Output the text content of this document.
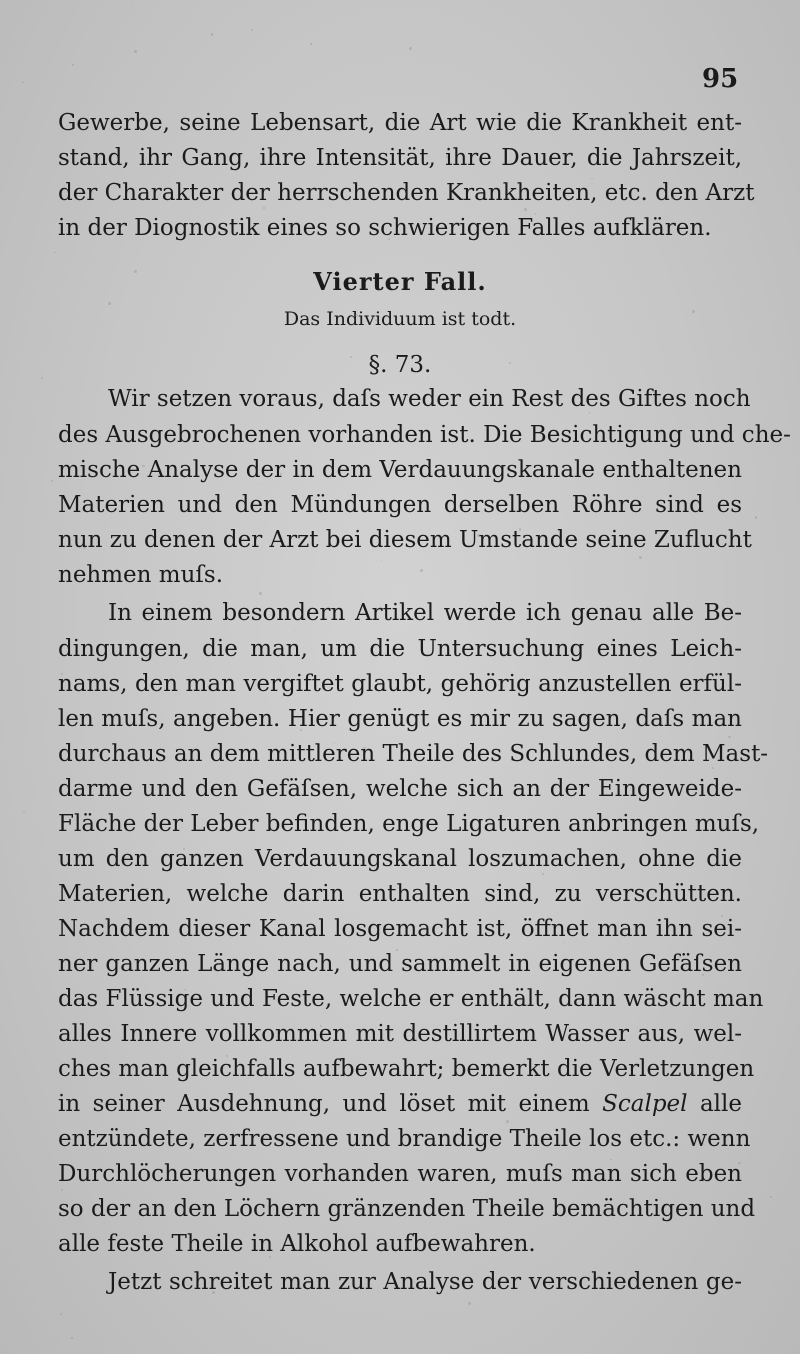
95
Gewerbe, seine Lebensart, die Art wie die Krankheit ent-
stand, ihr Gang, ihre Intensität, ihre Dauer, die Jahrszeit,
der Charakter der herrschenden Krankheiten, etc. den Arzt
in der Diognostik eines so schwierigen Falles aufklären.
Vierter Fall.
Das Individuum ist todt.
§. 73.
Wir setzen voraus, daſs weder ein Rest des Giftes noch
des Ausgebrochenen vorhanden ist. Die Besichtigung und che-
mische Analyse der in dem Verdauungskanale enthaltenen
Materien und den Mündungen derselben Röhre sind es
nun zu denen der Arzt bei diesem Umstande seine Zuflucht
nehmen muſs.
In einem besondern Artikel werde ich genau alle Be-
dingungen, die man, um die Untersuchung eines Leich-
nams, den man vergiftet glaubt, gehörig anzustellen erfül-
len muſs, angeben. Hier genügt es mir zu sagen, daſs man
durchaus an dem mittleren Theile des Schlundes, dem Mast-
darme und den Gefäſsen, welche sich an der Eingeweide-
Fläche der Leber befinden, enge Ligaturen anbringen muſs,
um den ganzen Verdauungskanal loszumachen, ohne die
Materien, welche darin enthalten sind, zu verschütten.
Nachdem dieser Kanal losgemacht ist, öffnet man ihn sei-
ner ganzen Länge nach, und sammelt in eigenen Gefäſsen
das Flüssige und Feste, welche er enthält, dann wäscht man
alles Innere vollkommen mit destillirtem Wasser aus, wel-
ches man gleichfalls aufbewahrt; bemerkt die Verletzungen
in seiner Ausdehnung, und löset mit einem Scalpel alle
entzündete, zerfressene und brandige Theile los etc.: wenn
Durchlöcherungen vorhanden waren, muſs man sich eben
so der an den Löchern gränzenden Theile bemächtigen und
alle feste Theile in Alkohol aufbewahren.
Jetzt schreitet man zur Analyse der verschiedenen ge-
